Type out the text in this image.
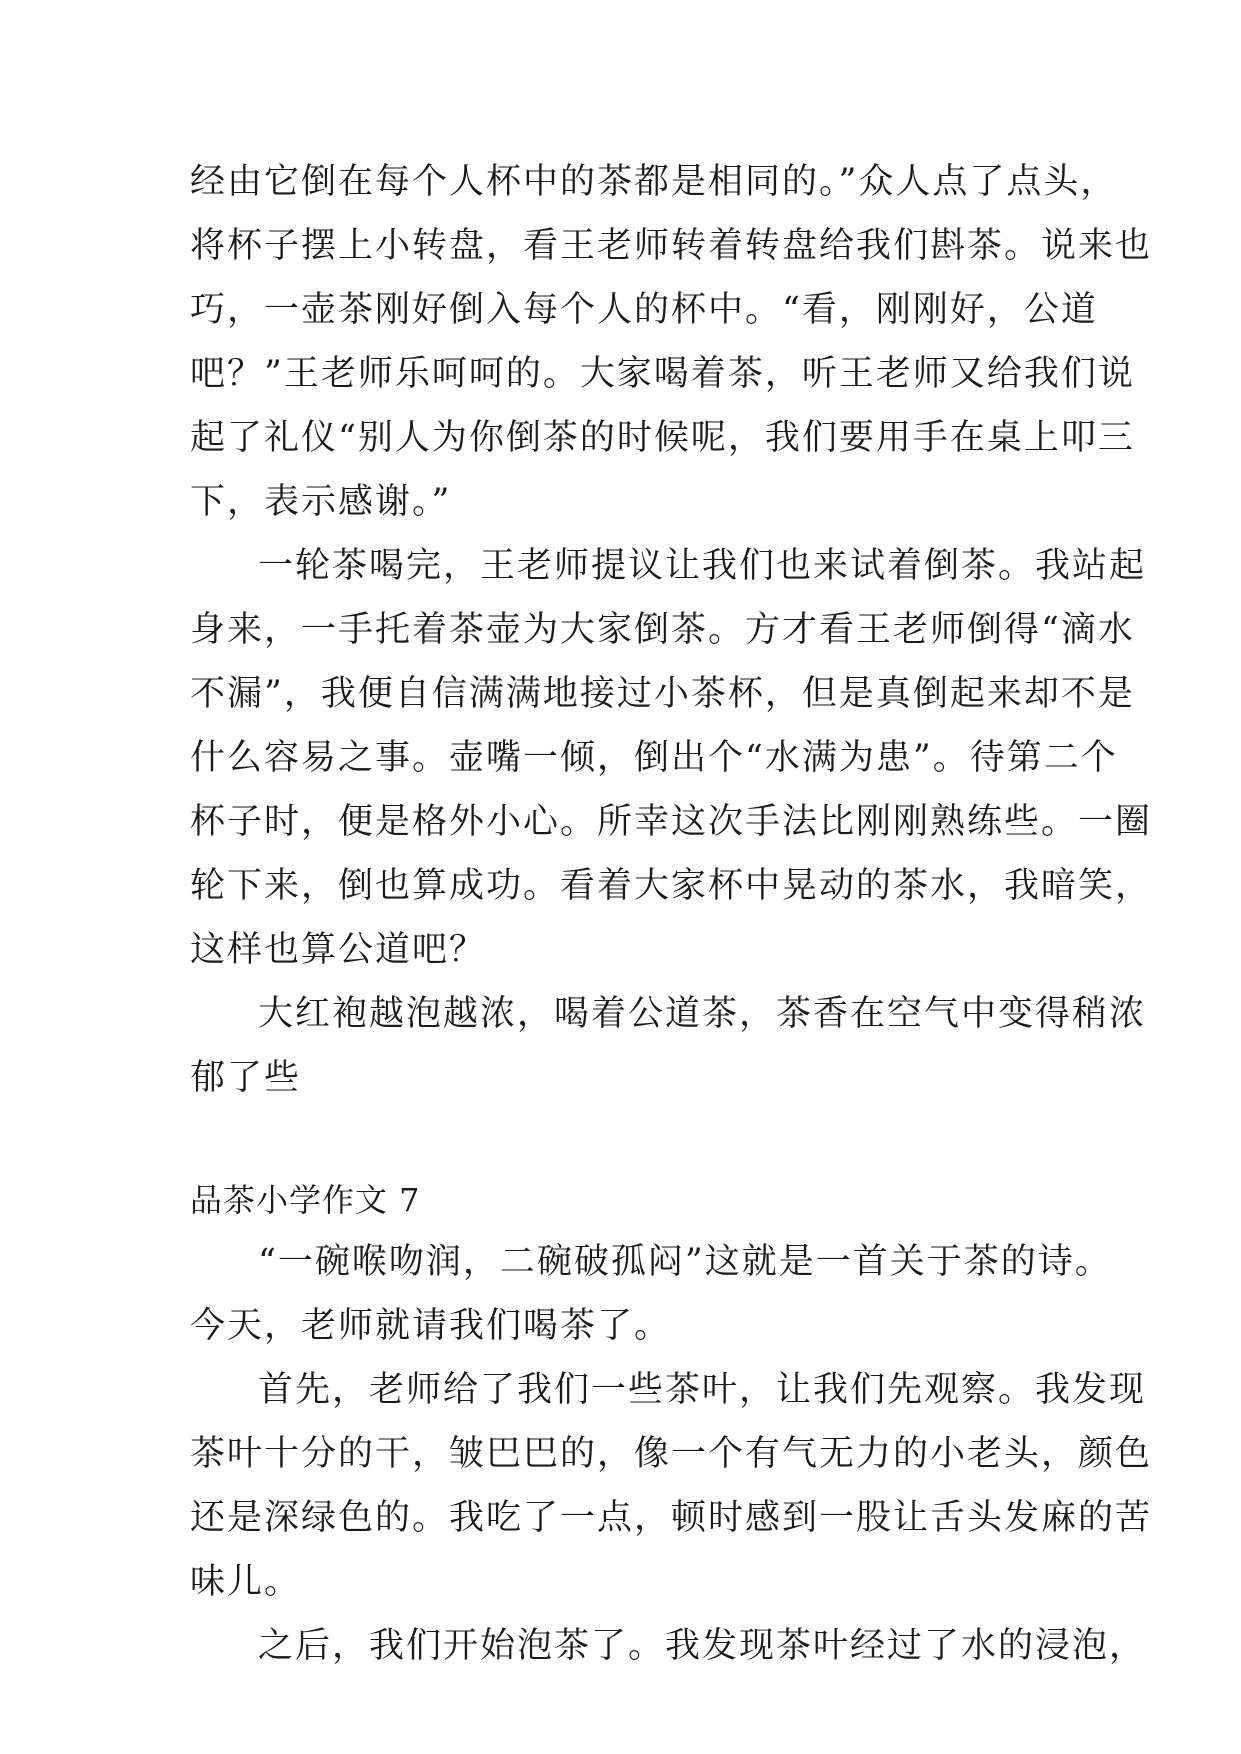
经由它倒在每个人杯中的茶都是相同的。”众人点了点头，
将杯子摆上小转盘，看王老师转着转盘给我们斟茶。说来也
巧，一壶茶刚好倒入每个人的杯中。“看，刚刚好，公道
吧？”王老师乐呵呵的。大家喝着茶，听王老师又给我们说
起了礼仪“别人为你倒茶的时候呢，我们要用手在桌上叩三
下，表示感谢。”
一轮茶喝完，王老师提议让我们也来试着倒茶。我站起
身来，一手托着茶壶为大家倒茶。方才看王老师倒得“滴水
不漏”，我便自信满满地接过小茶杯，但是真倒起来却不是
什么容易之事。壶嘴一倾，倒出个“水满为患”。待第二个
杯子时，便是格外小心。所幸这次手法比刚刚熟练些。一圈
轮下来，倒也算成功。看着大家杯中晃动的茶水，我暗笑，
这样也算公道吧？
大红袍越泡越浓，喝着公道茶，茶香在空气中变得稍浓
郁了些
品茶小学作文 7
“一碗喉吻润，二碗破孤闷”这就是一首关于茶的诗。
今天，老师就请我们喝茶了。
首先，老师给了我们一些茶叶，让我们先观察。我发现
茶叶十分的干，皱巴巴的，像一个有气无力的小老头，颜色
还是深绿色的。我吃了一点，顿时感到一股让舌头发麻的苦
味儿。
之后，我们开始泡茶了。我发现茶叶经过了水的浸泡，
